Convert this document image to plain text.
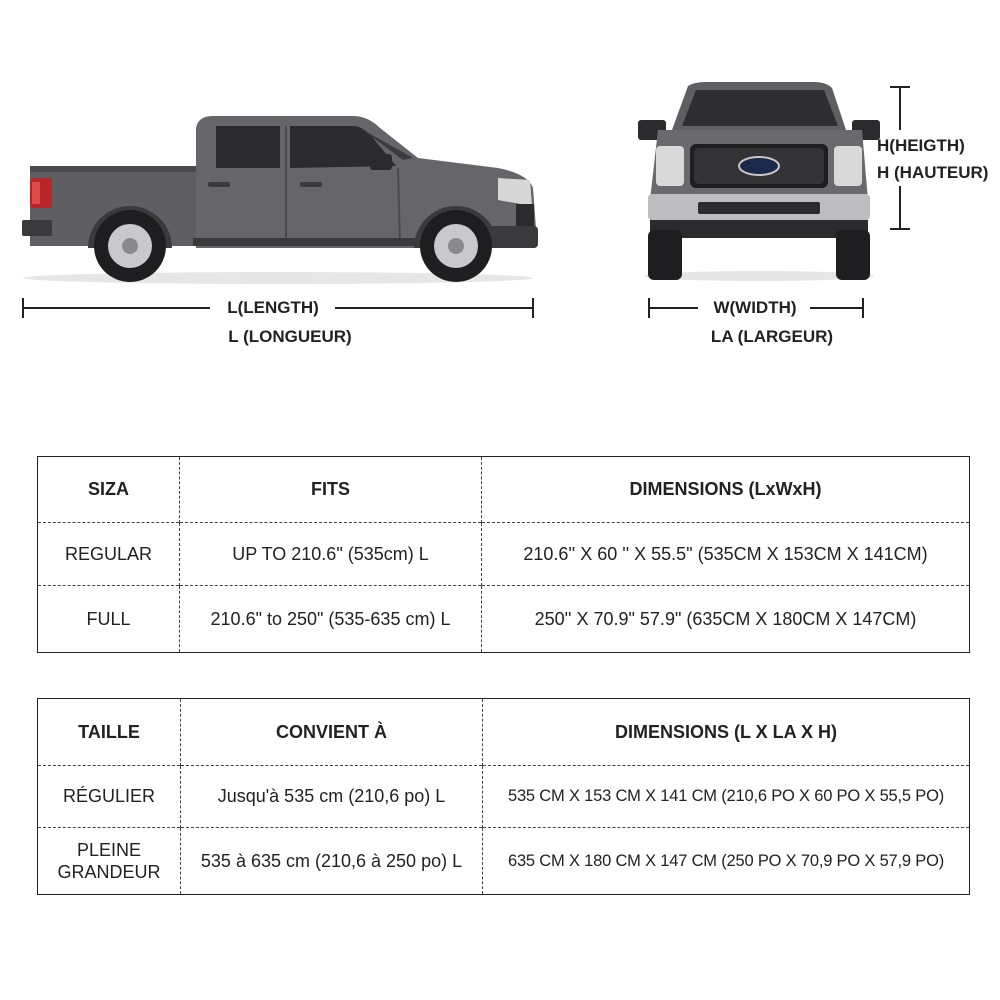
L(LENGTH)
L (LONGUEUR)
H(HEIGTH)
H (HAUTEUR)
W(WIDTH)
LA (LARGEUR)
SIZA	FITS	DIMENSIONS (LxWxH)
REGULAR	UP TO 210.6" (535cm) L	210.6'' X 60 '' X 55.5" (535CM X 153CM X 141CM)
FULL	210.6" to 250" (535-635 cm) L	250'' X 70.9" 57.9" (635CM X 180CM X 147CM)
TAILLE	CONVIENT À	DIMENSIONS (L X LA X H)
RÉGULIER	Jusqu'à 535 cm (210,6 po) L	535 CM X 153 CM X 141 CM (210,6 PO X 60 PO X 55,5 PO)

PLEINE
GRANDEUR	535 à 635 cm (210,6 à 250 po) L	635 CM X 180 CM X 147 CM (250 PO X 70,9 PO X 57,9 PO)
